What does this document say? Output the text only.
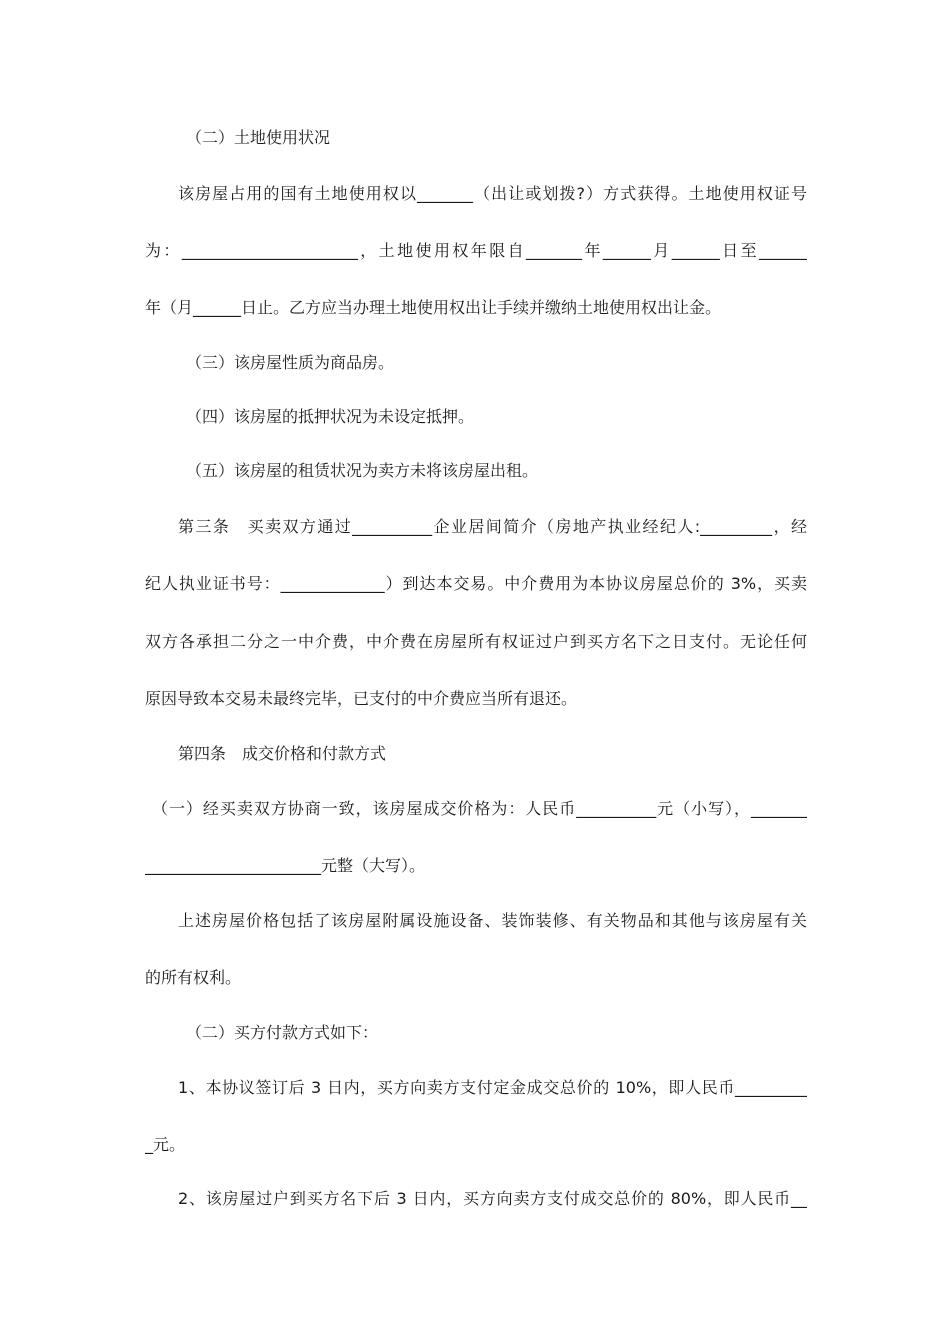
（二）土地使用状况
该房屋占用的国有土地使用权以_______（出让或划拨?）方式获得。土地使用权证号
为：______________________，土地使用权年限自_______年______月______日至______
年（月______日止。乙方应当办理土地使用权出让手续并缴纳土地使用权出让金。
（三）该房屋性质为商品房。
（四）该房屋的抵押状况为未设定抵押。
（五）该房屋的租赁状况为卖方未将该房屋出租。
第三条　买卖双方通过__________企业居间简介（房地产执业经纪人:_________，经
纪人执业证书号：_____________）到达本交易。中介费用为本协议房屋总价的 3%，买卖
双方各承担二分之一中介费，中介费在房屋所有权证过户到买方名下之日支付。无论任何
原因导致本交易未最终完毕，已支付的中介费应当所有退还。
第四条　成交价格和付款方式
（一）经买卖双方协商一致，该房屋成交价格为：人民币__________元（小写），_______
______________________元整（大写）。
上述房屋价格包括了该房屋附属设施设备、装饰装修、有关物品和其他与该房屋有关
的所有权利。
（二）买方付款方式如下：
1、本协议签订后 3 日内，买方向卖方支付定金成交总价的 10%，即人民币_________
_元。
2、该房屋过户到买方名下后 3 日内，买方向卖方支付成交总价的 80%，即人民币__
